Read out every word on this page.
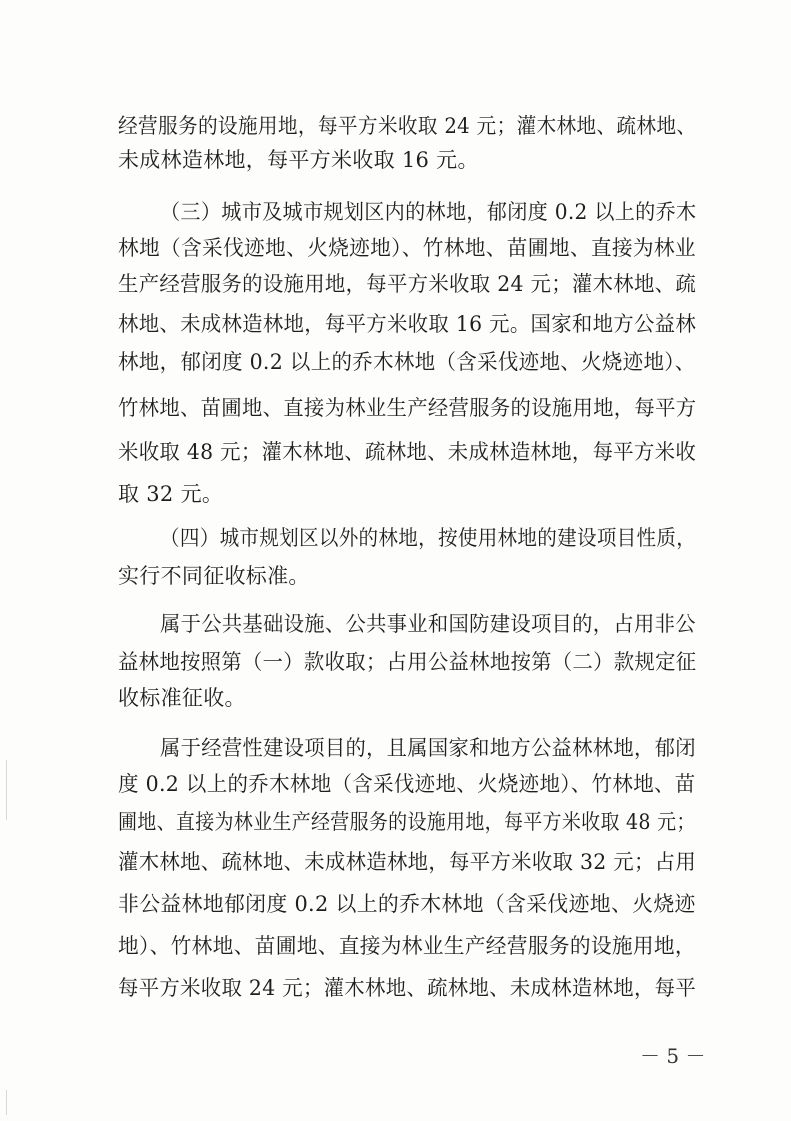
经营服务的设施用地，每平方米收取 24 元；灌木林地、疏林地、
未成林造林地，每平方米收取 16 元。
（三）城市及城市规划区内的林地，郁闭度 0.2 以上的乔木
林地（含采伐迹地、火烧迹地）、竹林地、苗圃地、直接为林业
生产经营服务的设施用地，每平方米收取 24 元；灌木林地、疏
林地、未成林造林地，每平方米收取 16 元。国家和地方公益林
林地，郁闭度 0.2 以上的乔木林地（含采伐迹地、火烧迹地）、
竹林地、苗圃地、直接为林业生产经营服务的设施用地，每平方
米收取 48 元；灌木林地、疏林地、未成林造林地，每平方米收
取 32 元。
（四）城市规划区以外的林地，按使用林地的建设项目性质，
实行不同征收标准。
属于公共基础设施、公共事业和国防建设项目的，占用非公
益林地按照第（一）款收取；占用公益林地按第（二）款规定征
收标准征收。
属于经营性建设项目的，且属国家和地方公益林林地，郁闭
度 0.2 以上的乔木林地（含采伐迹地、火烧迹地）、竹林地、苗
圃地、直接为林业生产经营服务的设施用地，每平方米收取 48 元；
灌木林地、疏林地、未成林造林地，每平方米收取 32 元；占用
非公益林地郁闭度 0.2 以上的乔木林地（含采伐迹地、火烧迹
地）、竹林地、苗圃地、直接为林业生产经营服务的设施用地，
每平方米收取 24 元；灌木林地、疏林地、未成林造林地，每平
－ 5 －
